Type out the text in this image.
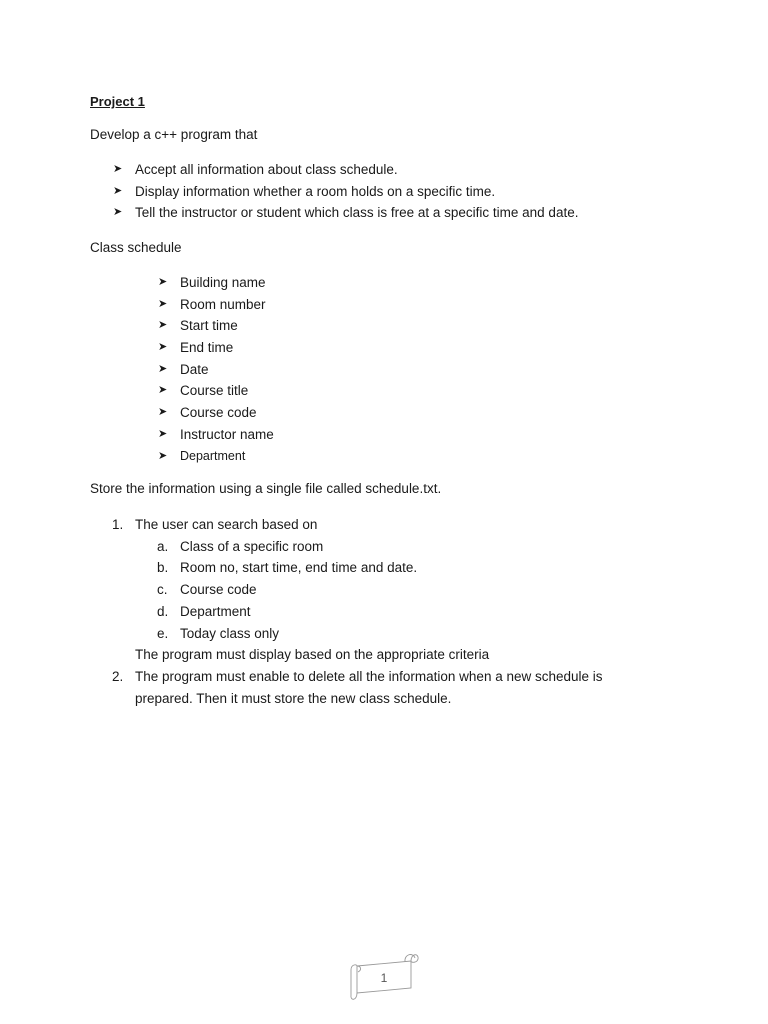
Project 1
Develop a c++ program that
➤ Accept all information about class schedule.
➤ Display information whether a room holds on a specific time.
➤ Tell the instructor or student which class is free at a specific time and date.
Class schedule
➤ Building name
➤ Room number
➤ Start time
➤ End time
➤ Date
➤ Course title
➤ Course code
➤ Instructor name
➤ Department
Store the information using a single file called schedule.txt.
1. The user can search based on
a. Class of a specific room
b. Room no, start time, end time and date.
c. Course code
d. Department
e. Today class only
The program must display based on the appropriate criteria
2. The program must enable to delete all the information when a new schedule is prepared. Then it must store the new class schedule.
1
